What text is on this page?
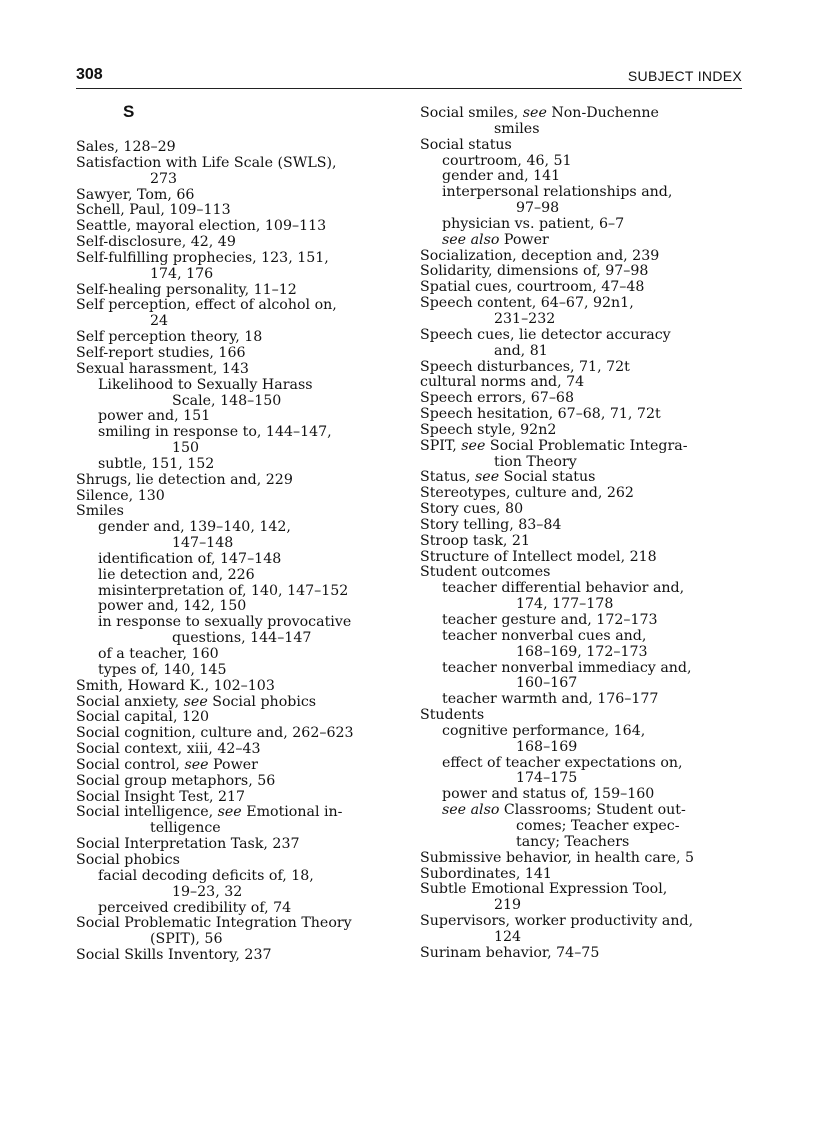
308	SUBJECT INDEX
S
Sales, 128–29
Satisfaction with Life Scale (SWLS),
273
Sawyer, Tom, 66
Schell, Paul, 109–113
Seattle, mayoral election, 109–113
Self-disclosure, 42, 49
Self-fulfilling prophecies, 123, 151,
174, 176
Self-healing personality, 11–12
Self perception, effect of alcohol on,
24
Self perception theory, 18
Self-report studies, 166
Sexual harassment, 143
Likelihood to Sexually Harass
Scale, 148–150
power and, 151
smiling in response to, 144–147,
150
subtle, 151, 152
Shrugs, lie detection and, 229
Silence, 130
Smiles
gender and, 139–140, 142,
147–148
identification of, 147–148
lie detection and, 226
misinterpretation of, 140, 147–152
power and, 142, 150
in response to sexually provocative
questions, 144–147
of a teacher, 160
types of, 140, 145
Smith, Howard K., 102–103
Social anxiety, see Social phobics
Social capital, 120
Social cognition, culture and, 262–623
Social context, xiii, 42–43
Social control, see Power
Social group metaphors, 56
Social Insight Test, 217
Social intelligence, see Emotional in-
telligence
Social Interpretation Task, 237
Social phobics
facial decoding deficits of, 18,
19–23, 32
perceived credibility of, 74
Social Problematic Integration Theory
(SPIT), 56
Social Skills Inventory, 237
Social smiles, see Non-Duchenne
smiles
Social status
courtroom, 46, 51
gender and, 141
interpersonal relationships and,
97–98
physician vs. patient, 6–7
see also Power
Socialization, deception and, 239
Solidarity, dimensions of, 97–98
Spatial cues, courtroom, 47–48
Speech content, 64–67, 92n1,
231–232
Speech cues, lie detector accuracy
and, 81
Speech disturbances, 71, 72t
cultural norms and, 74
Speech errors, 67–68
Speech hesitation, 67–68, 71, 72t
Speech style, 92n2
SPIT, see Social Problematic Integra-
tion Theory
Status, see Social status
Stereotypes, culture and, 262
Story cues, 80
Story telling, 83–84
Stroop task, 21
Structure of Intellect model, 218
Student outcomes
teacher differential behavior and,
174, 177–178
teacher gesture and, 172–173
teacher nonverbal cues and,
168–169, 172–173
teacher nonverbal immediacy and,
160–167
teacher warmth and, 176–177
Students
cognitive performance, 164,
168–169
effect of teacher expectations on,
174–175
power and status of, 159–160
see also Classrooms; Student out-
comes; Teacher expec-
tancy; Teachers
Submissive behavior, in health care, 5
Subordinates, 141
Subtle Emotional Expression Tool,
219
Supervisors, worker productivity and,
124
Surinam behavior, 74–75
